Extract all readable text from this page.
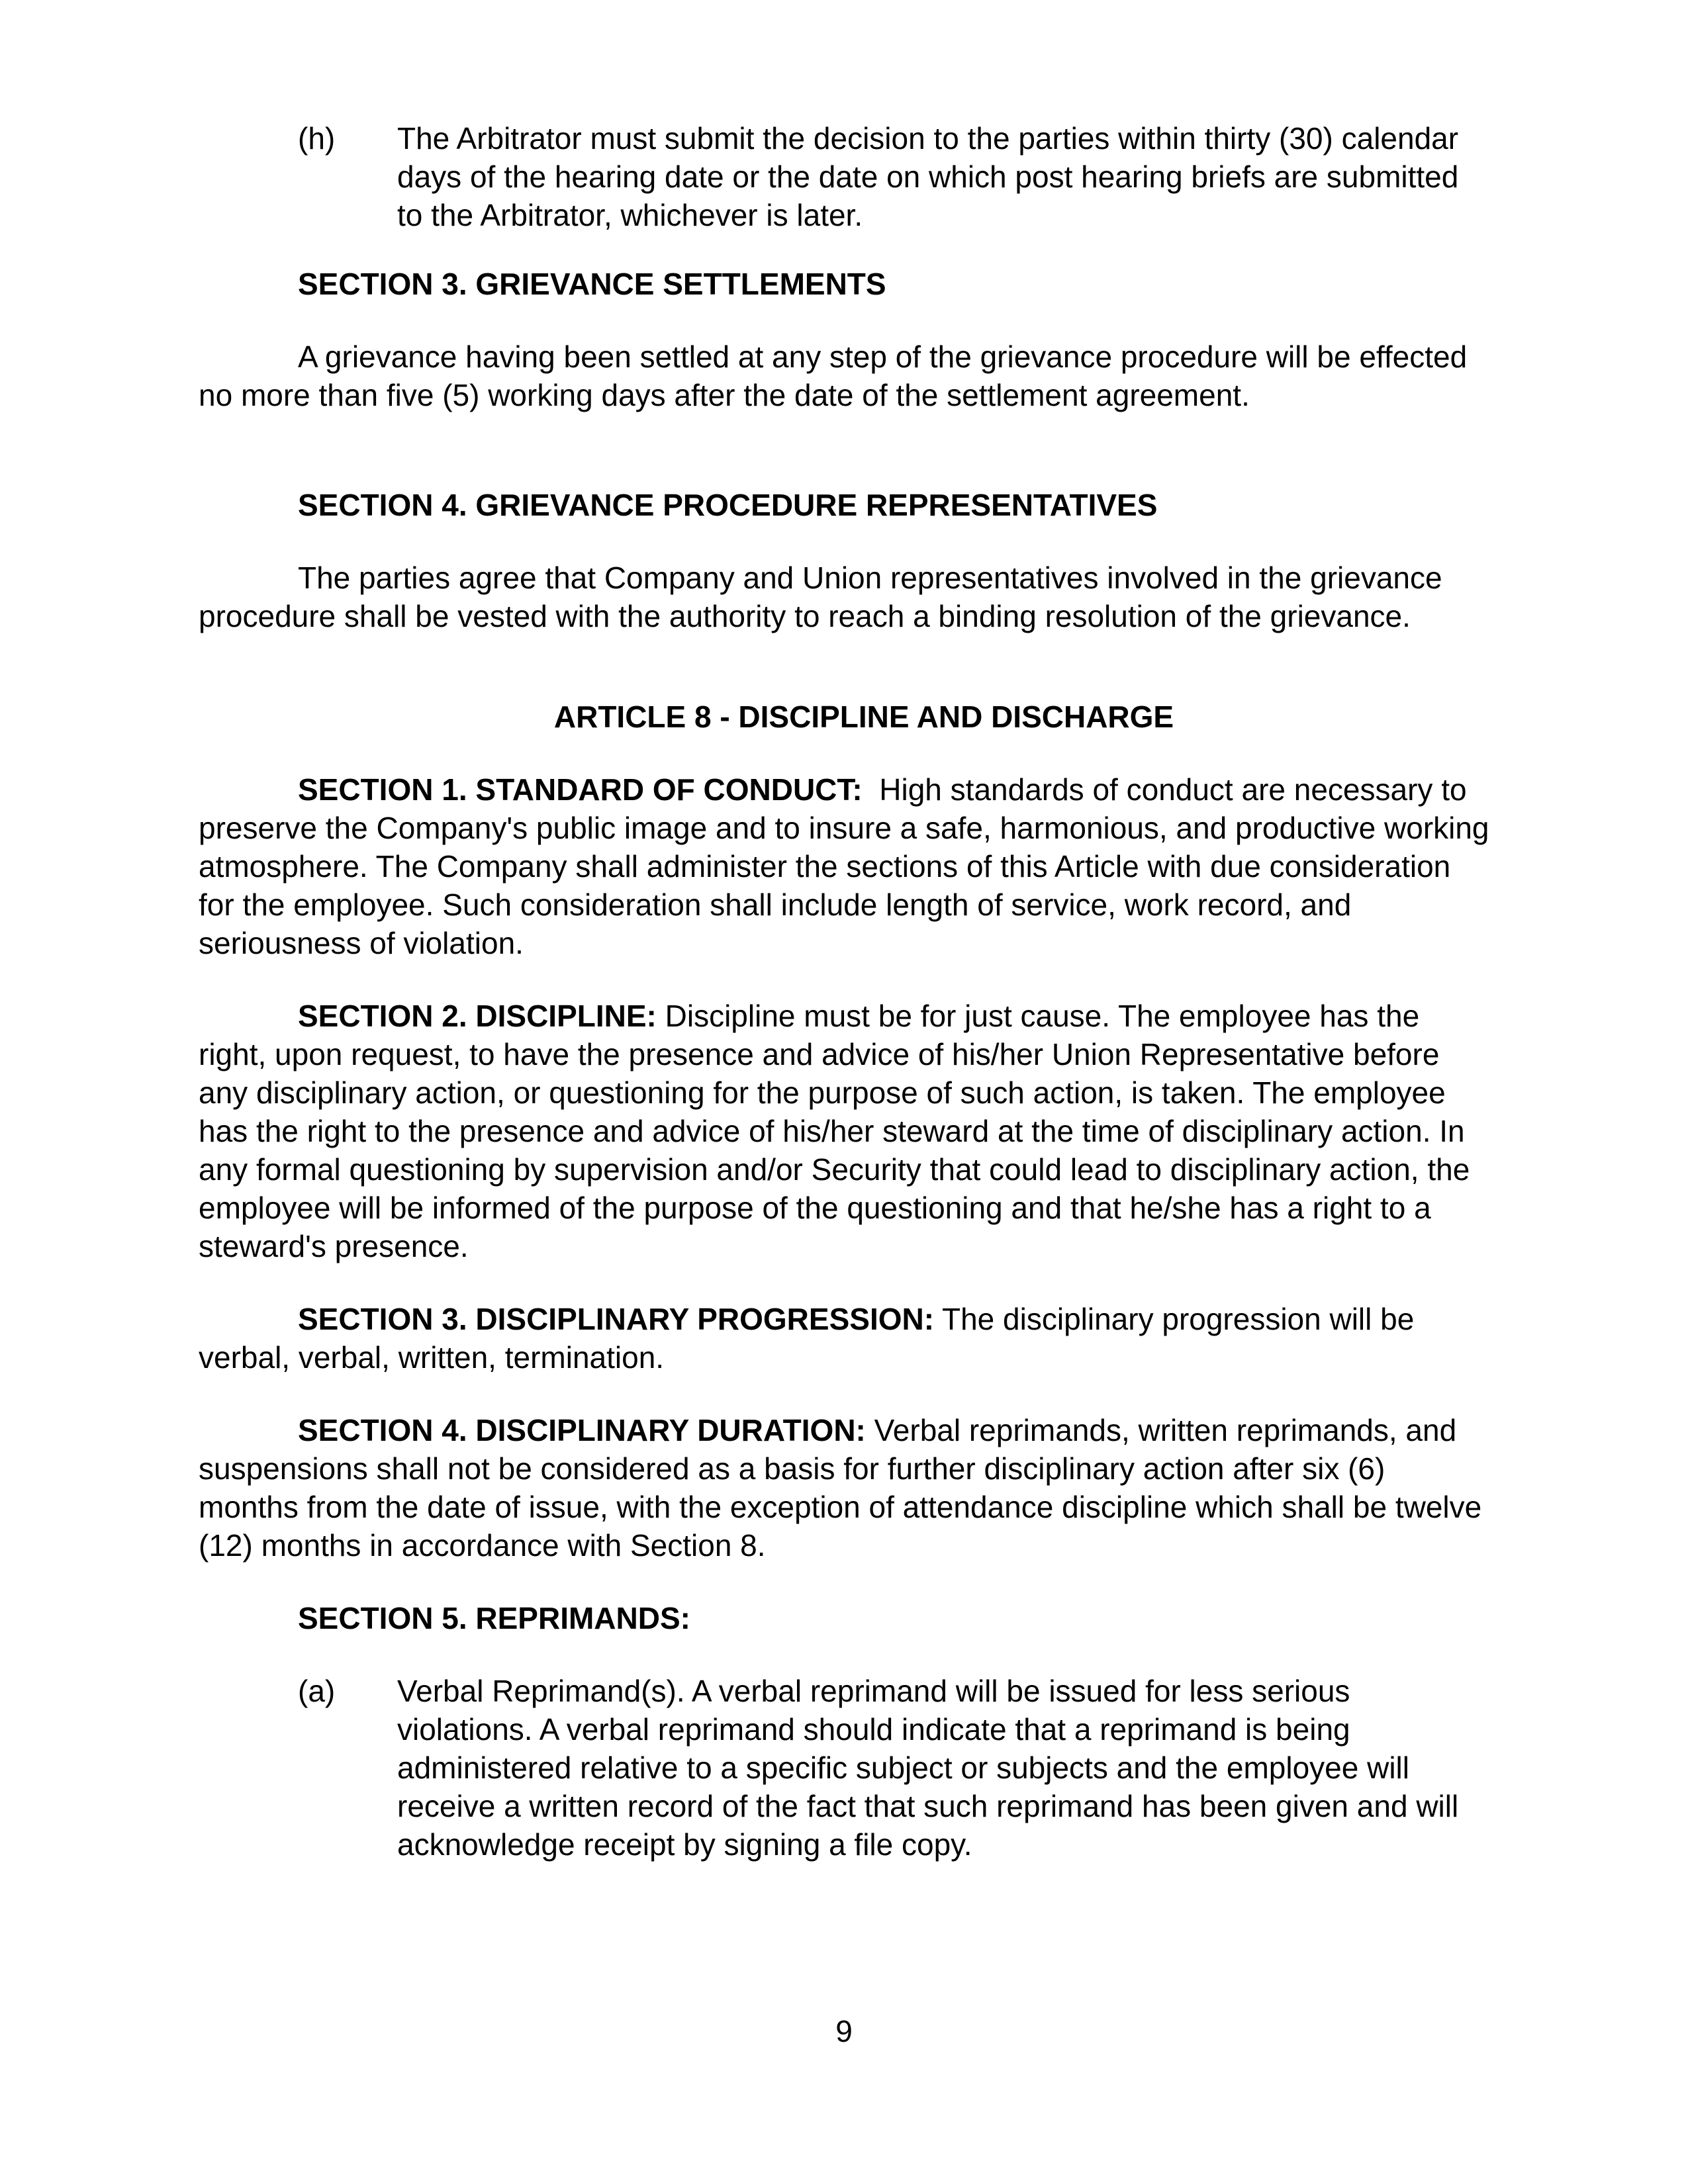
(h) The Arbitrator must submit the decision to the parties within thirty (30) calendar days of the hearing date or the date on which post hearing briefs are submitted to the Arbitrator, whichever is later.

SECTION 3. GRIEVANCE SETTLEMENTS

A grievance having been settled at any step of the grievance procedure will be effected no more than five (5) working days after the date of the settlement agreement.

SECTION 4. GRIEVANCE PROCEDURE REPRESENTATIVES

The parties agree that Company and Union representatives involved in the grievance procedure shall be vested with the authority to reach a binding resolution of the grievance.

ARTICLE 8 - DISCIPLINE AND DISCHARGE

SECTION 1. STANDARD OF CONDUCT: High standards of conduct are necessary to preserve the Company's public image and to insure a safe, harmonious, and productive working atmosphere. The Company shall administer the sections of this Article with due consideration for the employee. Such consideration shall include length of service, work record, and seriousness of violation.

SECTION 2. DISCIPLINE: Discipline must be for just cause. The employee has the right, upon request, to have the presence and advice of his/her Union Representative before any disciplinary action, or questioning for the purpose of such action, is taken. The employee has the right to the presence and advice of his/her steward at the time of disciplinary action. In any formal questioning by supervision and/or Security that could lead to disciplinary action, the employee will be informed of the purpose of the questioning and that he/she has a right to a steward's presence.

SECTION 3. DISCIPLINARY PROGRESSION: The disciplinary progression will be verbal, verbal, written, termination.

SECTION 4. DISCIPLINARY DURATION: Verbal reprimands, written reprimands, and suspensions shall not be considered as a basis for further disciplinary action after six (6) months from the date of issue, with the exception of attendance discipline which shall be twelve (12) months in accordance with Section 8.

SECTION 5. REPRIMANDS:

(a) Verbal Reprimand(s). A verbal reprimand will be issued for less serious violations. A verbal reprimand should indicate that a reprimand is being administered relative to a specific subject or subjects and the employee will receive a written record of the fact that such reprimand has been given and will acknowledge receipt by signing a file copy.

9
